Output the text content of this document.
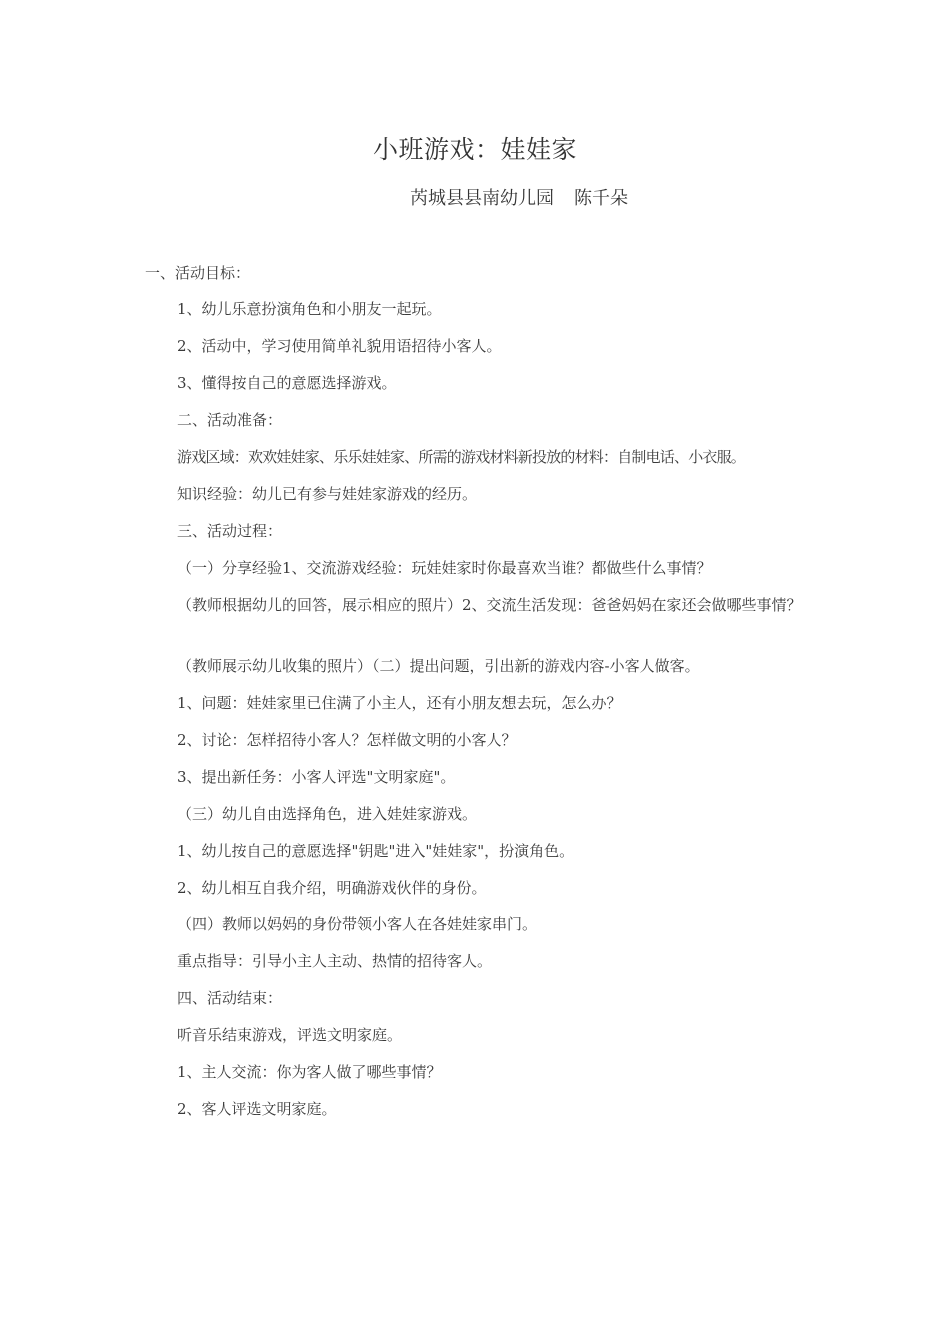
小班游戏：娃娃家
芮城县县南幼儿园 陈千朵
一、活动目标：
1、幼儿乐意扮演角色和小朋友一起玩。
2、活动中，学习使用简单礼貌用语招待小客人。
3、懂得按自己的意愿选择游戏。
二、活动准备：
游戏区域：欢欢娃娃家、乐乐娃娃家、所需的游戏材料新投放的材料：自制电话、小衣服。
知识经验：幼儿已有参与娃娃家游戏的经历。
三、活动过程：
（一）分享经验1、交流游戏经验：玩娃娃家时你最喜欢当谁？都做些什么事情？
（教师根据幼儿的回答，展示相应的照片）2、交流生活发现：爸爸妈妈在家还会做哪些事情？
（教师展示幼儿收集的照片）（二）提出问题，引出新的游戏内容-小客人做客。
1、问题：娃娃家里已住满了小主人，还有小朋友想去玩，怎么办？
2、讨论：怎样招待小客人？怎样做文明的小客人？
3、提出新任务：小客人评选"文明家庭"。
（三）幼儿自由选择角色，进入娃娃家游戏。
1、幼儿按自己的意愿选择"钥匙"进入"娃娃家"，扮演角色。
2、幼儿相互自我介绍，明确游戏伙伴的身份。
（四）教师以妈妈的身份带领小客人在各娃娃家串门。
重点指导：引导小主人主动、热情的招待客人。
四、活动结束：
听音乐结束游戏，评选文明家庭。
1、主人交流：你为客人做了哪些事情？
2、客人评选文明家庭。
